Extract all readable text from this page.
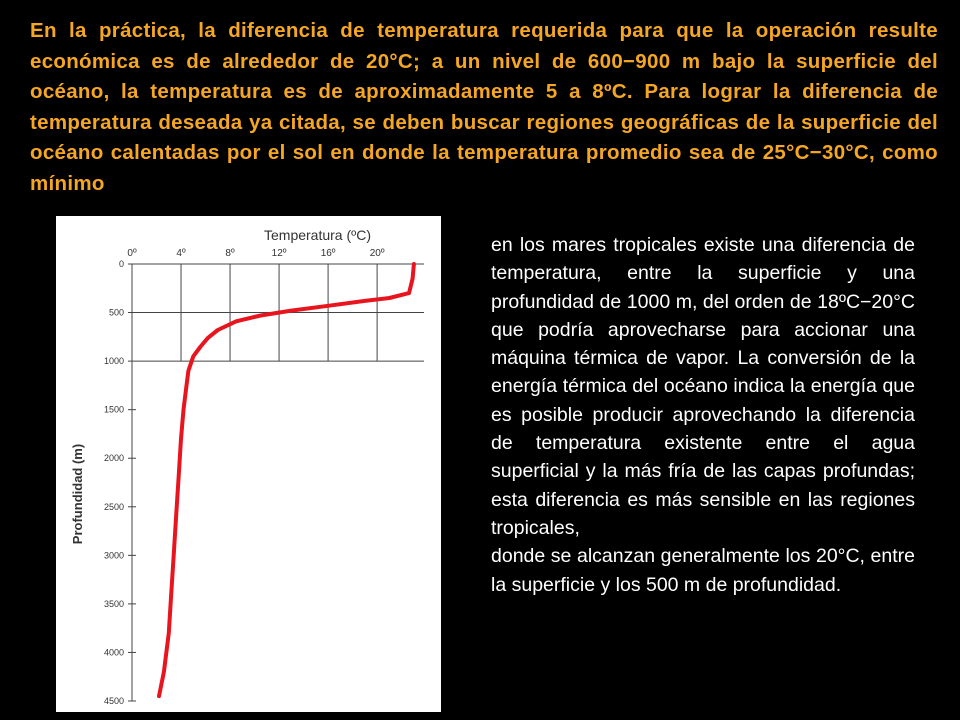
En la práctica, la diferencia de temperatura requerida para que la operación resulte económica es de alrededor de 20°C; a un nivel de 600−900 m bajo la superficie del océano, la temperatura es de aproximadamente 5 a 8ºC. Para lograr la diferencia de temperatura deseada ya citada, se deben buscar regiones geográficas de la superficie del océano calentadas por el sol en donde la temperatura promedio sea de 25°C−30°C, como mínimo
Temperatura (ºC)
Profundidad (m)
0º	4º	8º	12º	16º	20º
0
500
1000
1500
2000
2500
3000
3500
4000
4500

en los mares tropicales existe una diferencia de temperatura, entre la superficie y una profundidad de 1000 m, del orden de 18ºC−20°C que podría aprovecharse para accionar una máquina térmica de vapor. La conversión de la energía térmica del océano indica la energía que es posible producir aprovechando la diferencia de temperatura existente entre el agua superficial y la más fría de las capas profundas; esta diferencia es más sensible en las regiones tropicales,

donde se alcanzan generalmente los 20°C, entre la superficie y los 500 m de profundidad.
